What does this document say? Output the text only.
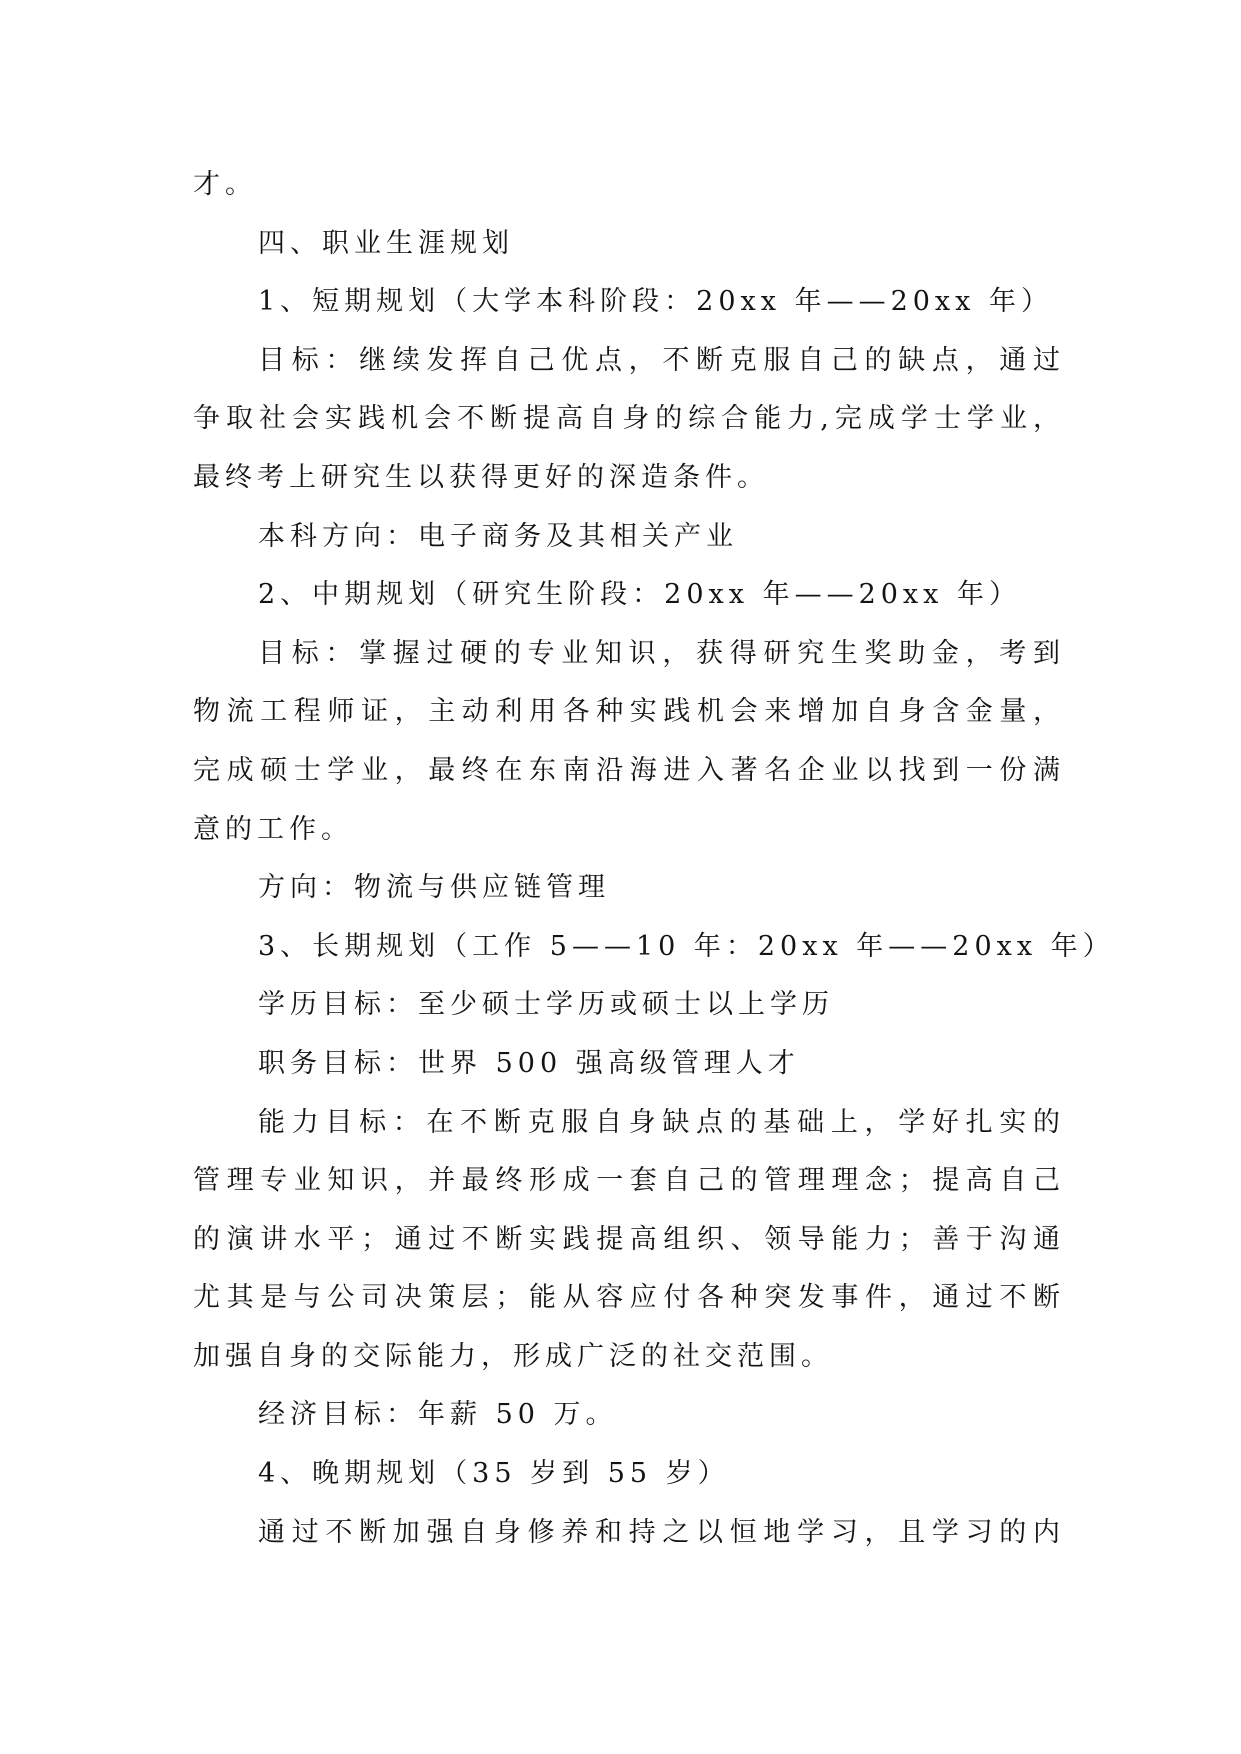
才。
四、职业生涯规划
1、短期规划（大学本科阶段：20xx 年——20xx 年）
目标：继续发挥自己优点，不断克服自己的缺点，通过
争取社会实践机会不断提高自身的综合能力,完成学士学业，
最终考上研究生以获得更好的深造条件。
本科方向：电子商务及其相关产业
2、中期规划（研究生阶段：20xx 年——20xx 年）
目标：掌握过硬的专业知识，获得研究生奖助金，考到
物流工程师证，主动利用各种实践机会来增加自身含金量，
完成硕士学业，最终在东南沿海进入著名企业以找到一份满
意的工作。
方向：物流与供应链管理
3、长期规划（工作 5——10 年：20xx 年——20xx 年）
学历目标：至少硕士学历或硕士以上学历
职务目标：世界 500 强高级管理人才
能力目标：在不断克服自身缺点的基础上，学好扎实的
管理专业知识，并最终形成一套自己的管理理念；提高自己
的演讲水平；通过不断实践提高组织、领导能力；善于沟通
尤其是与公司决策层；能从容应付各种突发事件，通过不断
加强自身的交际能力，形成广泛的社交范围。
经济目标：年薪 50 万。
4、晚期规划（35 岁到 55 岁）
通过不断加强自身修养和持之以恒地学习，且学习的内
